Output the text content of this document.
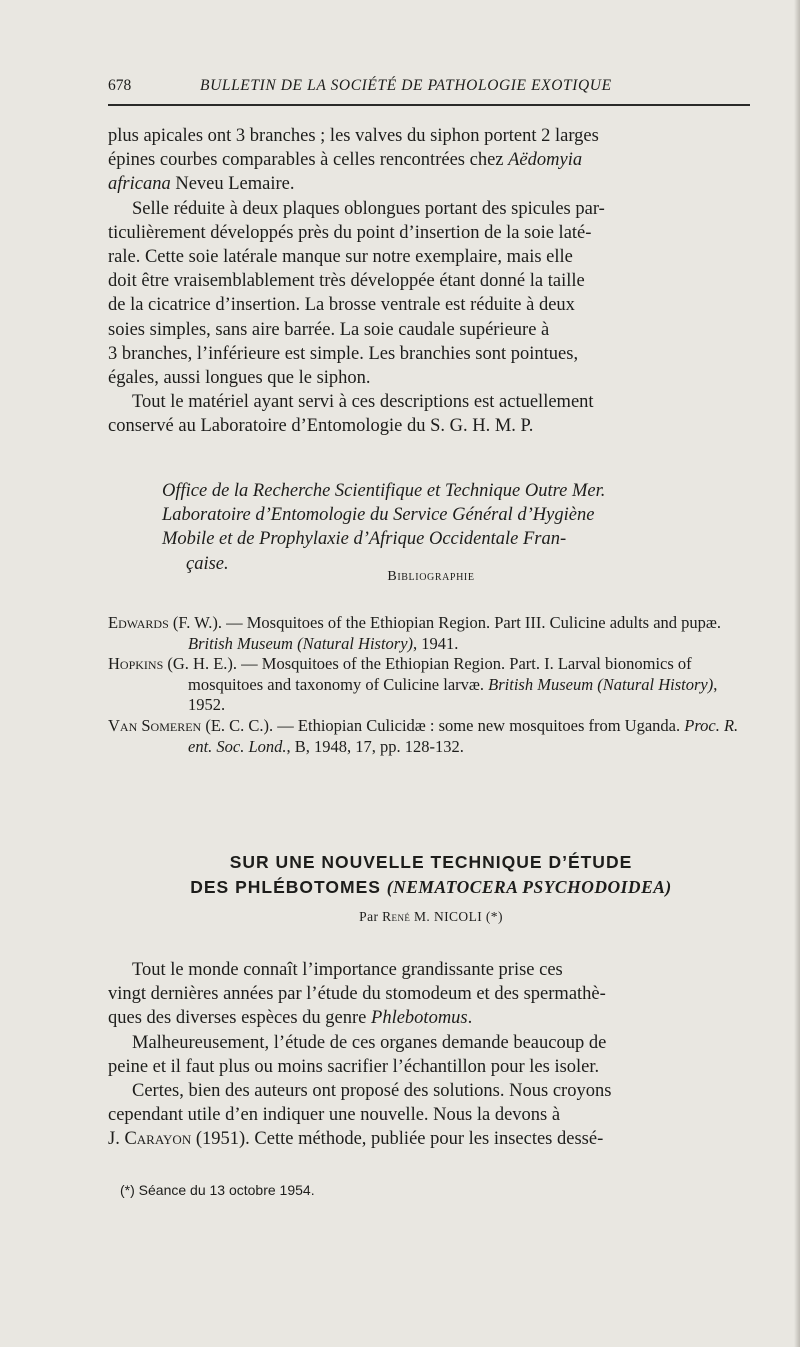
678	BULLETIN DE LA SOCIÉTÉ DE PATHOLOGIE EXOTIQUE
plus apicales ont 3 branches ; les valves du siphon portent 2 larges
épines courbes comparables à celles rencontrées chez Aëdomyia
africana Neveu Lemaire.
Selle réduite à deux plaques oblongues portant des spicules par-
ticulièrement développés près du point d’insertion de la soie laté-
rale. Cette soie latérale manque sur notre exemplaire, mais elle
doit être vraisemblablement très développée étant donné la taille
de la cicatrice d’insertion. La brosse ventrale est réduite à deux
soies simples, sans aire barrée. La soie caudale supérieure à
3 branches, l’inférieure est simple. Les branchies sont pointues,
égales, aussi longues que le siphon.
Tout le matériel ayant servi à ces descriptions est actuellement
conservé au Laboratoire d’Entomologie du S. G. H. M. P.
Office de la Recherche Scientifique et Technique Outre Mer.
Laboratoire d’Entomologie du Service Général d’Hygiène
Mobile et de Prophylaxie d’Afrique Occidentale Fran-
çaise.
Bibliographie

Edwards (F. W.). — Mosquitoes of the Ethiopian Region. Part III. Culicine adults and pupæ. British Museum (Natural History), 1941.

Hopkins (G. H. E.). — Mosquitoes of the Ethiopian Region. Part. I. Larval bionomics of mosquitoes and taxonomy of Culicine larvæ. British Museum (Natural History), 1952.

Van Someren (E. C. C.). — Ethiopian Culicidæ : some new mosquitoes from Uganda. Proc. R. ent. Soc. Lond., B, 1948, 17, pp. 128-132.

SUR UNE NOUVELLE TECHNIQUE D’ÉTUDE
DES PHLÉBOTOMES (NEMATOCERA PSYCHODOIDEA)
Par René M. NICOLI (*)
Tout le monde connaît l’importance grandissante prise ces
vingt dernières années par l’étude du stomodeum et des spermathè-
ques des diverses espèces du genre Phlebotomus.
Malheureusement, l’étude de ces organes demande beaucoup de
peine et il faut plus ou moins sacrifier l’échantillon pour les isoler.
Certes, bien des auteurs ont proposé des solutions. Nous croyons
cependant utile d’en indiquer une nouvelle. Nous la devons à
J. Carayon (1951). Cette méthode, publiée pour les insectes dessé-
(*) Séance du 13 octobre 1954.
